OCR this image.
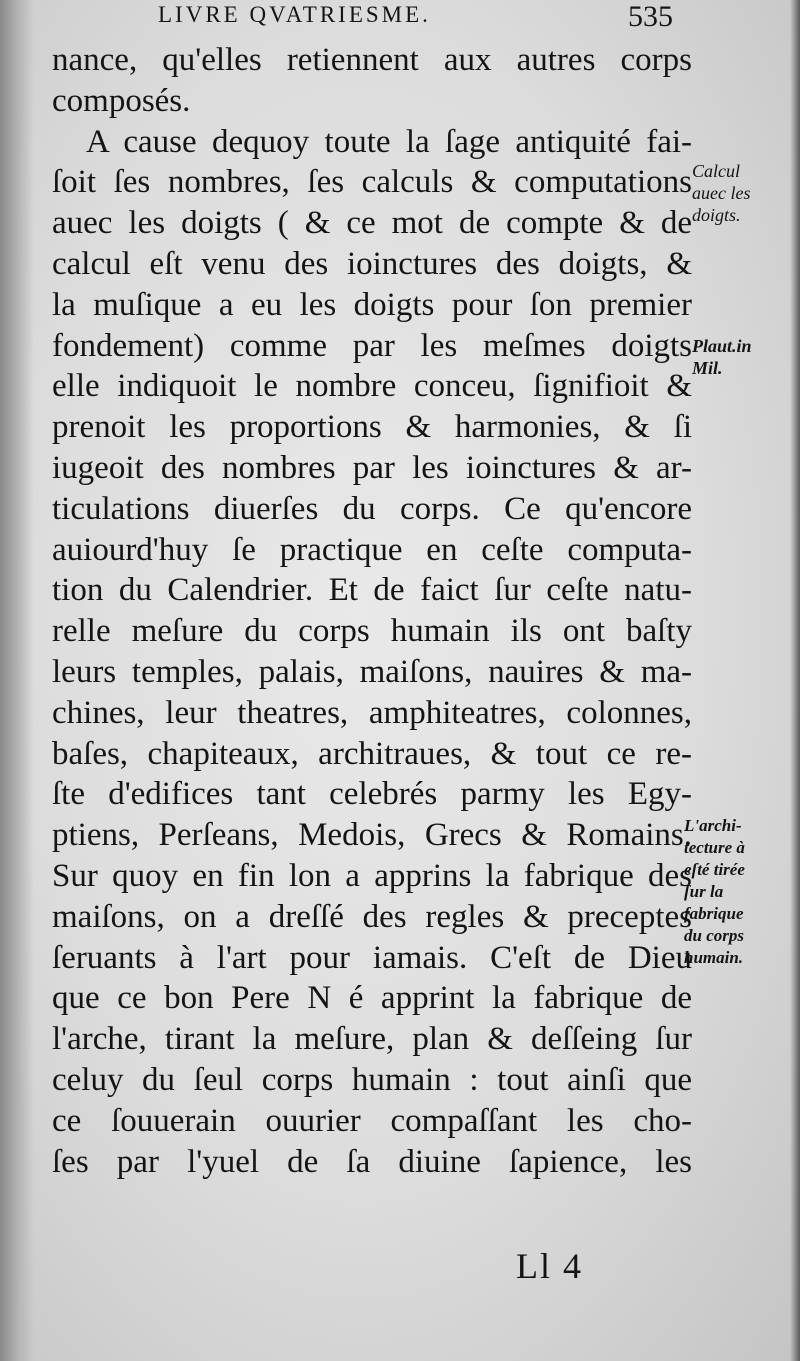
LIVRE QVATRIESME.	535
nance, qu'elles retiennent aux autres corps
composés.
A cause dequoy toute la ſage antiquité fai-
ſoit ſes nombres, ſes calculs & computations
auec les doigts ( & ce mot de compte & de
calcul eſt venu des ioinctures des doigts, &
la muſique a eu les doigts pour ſon premier
fondement) comme par les meſmes doigts
elle indiquoit le nombre conceu, ſignifioit &
prenoit les proportions & harmonies, & ſi
iugeoit des nombres par les ioinctures & ar-
ticulations diuerſes du corps. Ce qu'encore
auiourd'huy ſe practique en ceſte computa-
tion du Calendrier. Et de faict ſur ceſte natu-
relle meſure du corps humain ils ont baſty
leurs temples, palais, maiſons, nauires & ma-
chines, leur theatres, amphiteatres, colonnes,
baſes, chapiteaux, architraues, & tout ce re-
ſte d'edifices tant celebrés parmy les Egy-
ptiens, Perſeans, Medois, Grecs & Romains.
Sur quoy en fin lon a apprins la fabrique des
maiſons, on a dreſſé des regles & preceptes
ſeruants à l'art pour iamais. C'eſt de Dieu
que ce bon Pere N é apprint la fabrique de
l'arche, tirant la meſure, plan & deſſeing ſur
celuy du ſeul corps humain : tout ainſi que
ce ſouuerain ouurier compaſſant les cho-
ſes par l'yuel de ſa diuine ſapience, les
Calcul
auec les
doigts.
Plaut.in
Mil.
L'archi-
tecture à
eſté tirée
ſur la
fabrique
du corps
humain.
Ll 4
